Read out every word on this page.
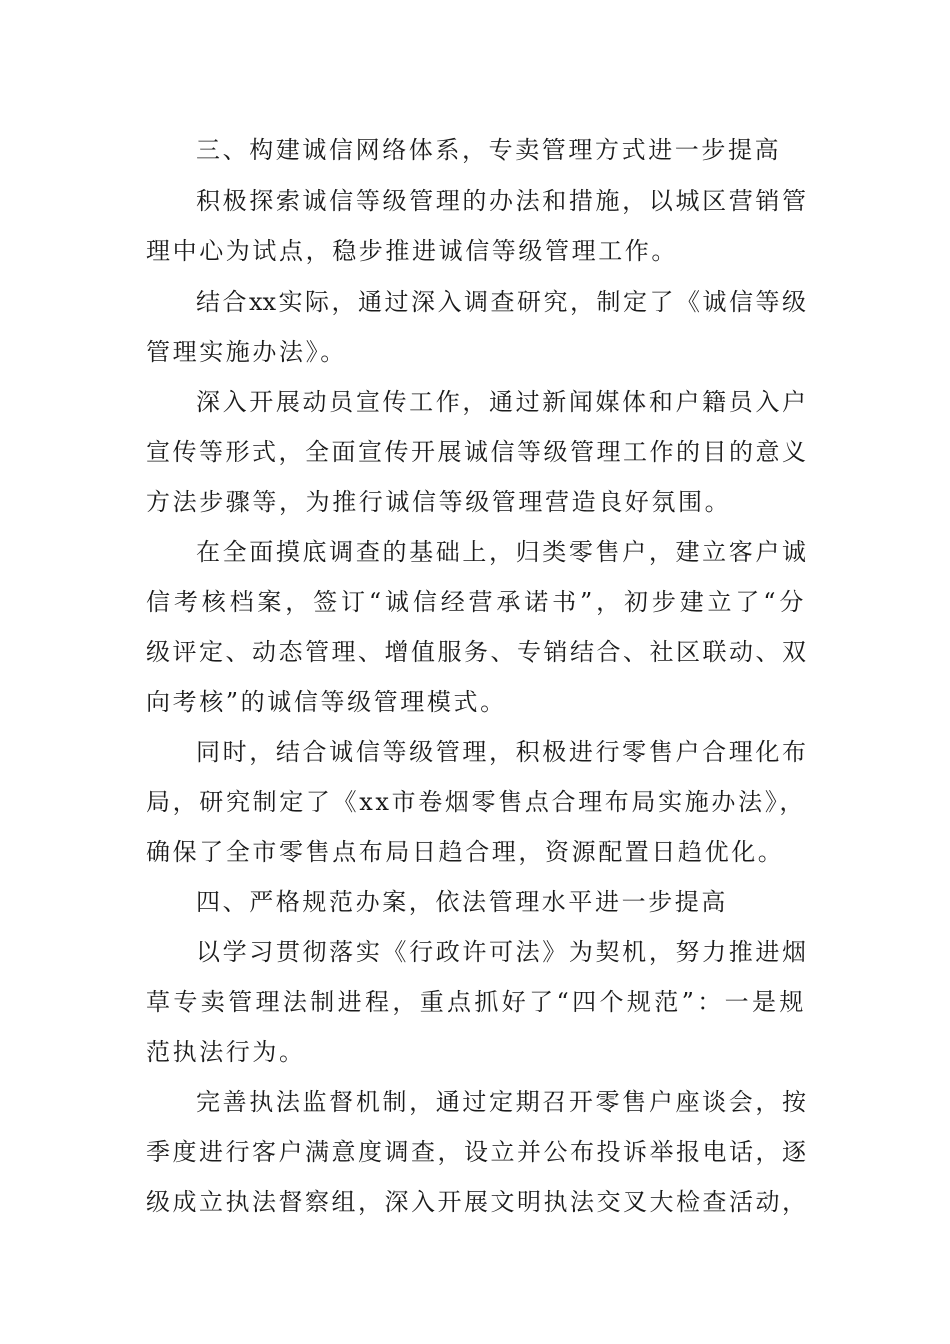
三、构建诚信网络体系，专卖管理方式进一步提高
积极探索诚信等级管理的办法和措施，以城区营销管
理中心为试点，稳步推进诚信等级管理工作。
结合xx实际，通过深入调查研究，制定了《诚信等级
管理实施办法》。
深入开展动员宣传工作，通过新闻媒体和户籍员入户
宣传等形式，全面宣传开展诚信等级管理工作的目的意义
方法步骤等，为推行诚信等级管理营造良好氛围。
在全面摸底调查的基础上，归类零售户，建立客户诚
信考核档案，签订“诚信经营承诺书”，初步建立了“分
级评定、动态管理、增值服务、专销结合、社区联动、双
向考核”的诚信等级管理模式。
同时，结合诚信等级管理，积极进行零售户合理化布
局，研究制定了《xx市卷烟零售点合理布局实施办法》，
确保了全市零售点布局日趋合理，资源配置日趋优化。
四、严格规范办案，依法管理水平进一步提高
以学习贯彻落实《行政许可法》为契机，努力推进烟
草专卖管理法制进程，重点抓好了“四个规范”：一是规
范执法行为。
完善执法监督机制，通过定期召开零售户座谈会，按
季度进行客户满意度调查，设立并公布投诉举报电话，逐
级成立执法督察组，深入开展文明执法交叉大检查活动，
